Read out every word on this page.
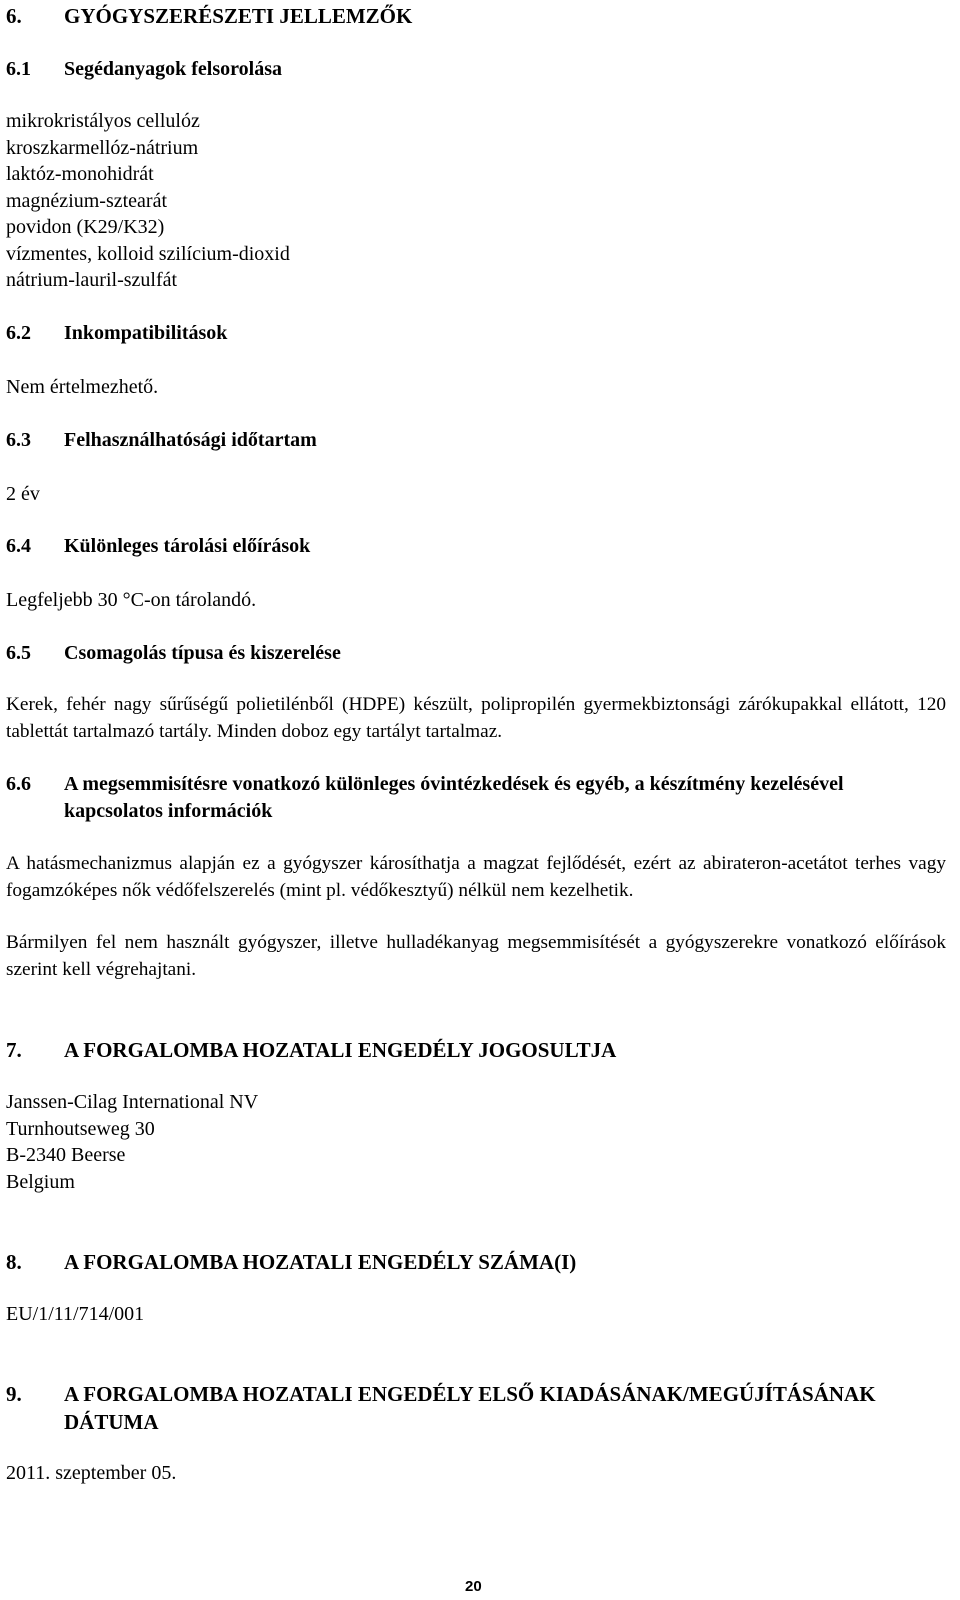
6. GYÓGYSZERÉSZETI JELLEMZŐK
6.1 Segédanyagok felsorolása
mikrokristályos cellulóz
kroszkarmellóz-nátrium
laktóz-monohidrát
magnézium-sztearát
povidon (K29/K32)
vízmentes, kolloid szilícium-dioxid
nátrium-lauril-szulfát
6.2 Inkompatibilitások
Nem értelmezhető.
6.3 Felhasználhatósági időtartam
2 év
6.4 Különleges tárolási előírások
Legfeljebb 30 °C-on tárolandó.
6.5 Csomagolás típusa és kiszerelése
Kerek, fehér nagy sűrűségű polietilénből (HDPE) készült, polipropilén gyermekbiztonsági zárókupakkal ellátott, 120 tablettát tartalmazó tartály. Minden doboz egy tartályt tartalmaz.
6.6 A megsemmisítésre vonatkozó különleges óvintézkedések és egyéb, a készítmény kezelésével kapcsolatos információk
A hatásmechanizmus alapján ez a gyógyszer károsíthatja a magzat fejlődését, ezért az abirateron-acetátot terhes vagy fogamzóképes nők védőfelszerelés (mint pl. védőkesztyű) nélkül nem kezelhetik.
Bármilyen fel nem használt gyógyszer, illetve hulladékanyag megsemmisítését a gyógyszerekre vonatkozó előírások szerint kell végrehajtani.
7. A FORGALOMBA HOZATALI ENGEDÉLY JOGOSULTJA
Janssen-Cilag International NV
Turnhoutseweg 30
B-2340 Beerse
Belgium
8. A FORGALOMBA HOZATALI ENGEDÉLY SZÁMA(I)
EU/1/11/714/001
9. A FORGALOMBA HOZATALI ENGEDÉLY ELSŐ KIADÁSÁNAK/MEGÚJÍTÁSÁNAK DÁTUMA
2011. szeptember 05.
20
